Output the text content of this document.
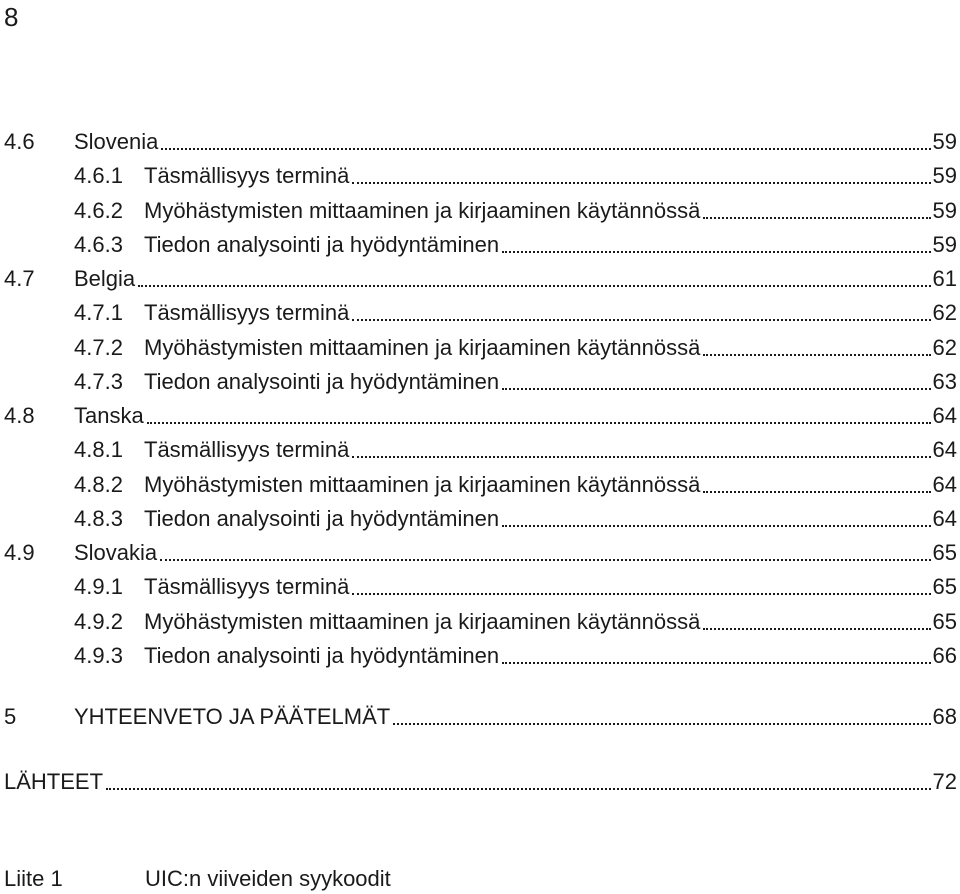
8
4.6	Slovenia	59
4.6.1 Täsmällisyys terminä	59
4.6.2 Myöhästymisten mittaaminen ja kirjaaminen käytännössä	59
4.6.3 Tiedon analysointi ja hyödyntäminen	59
4.7	Belgia	61
4.7.1 Täsmällisyys terminä	62
4.7.2 Myöhästymisten mittaaminen ja kirjaaminen käytännössä	62
4.7.3 Tiedon analysointi ja hyödyntäminen	63
4.8	Tanska	64
4.8.1 Täsmällisyys terminä	64
4.8.2 Myöhästymisten mittaaminen ja kirjaaminen käytännössä	64
4.8.3 Tiedon analysointi ja hyödyntäminen	64
4.9	Slovakia	65
4.9.1 Täsmällisyys terminä	65
4.9.2 Myöhästymisten mittaaminen ja kirjaaminen käytännössä	65
4.9.3 Tiedon analysointi ja hyödyntäminen	66
5	YHTEENVETO JA PÄÄTELMÄT	68
LÄHTEET	72
Liite 1	UIC:n viiveiden syykoodit
